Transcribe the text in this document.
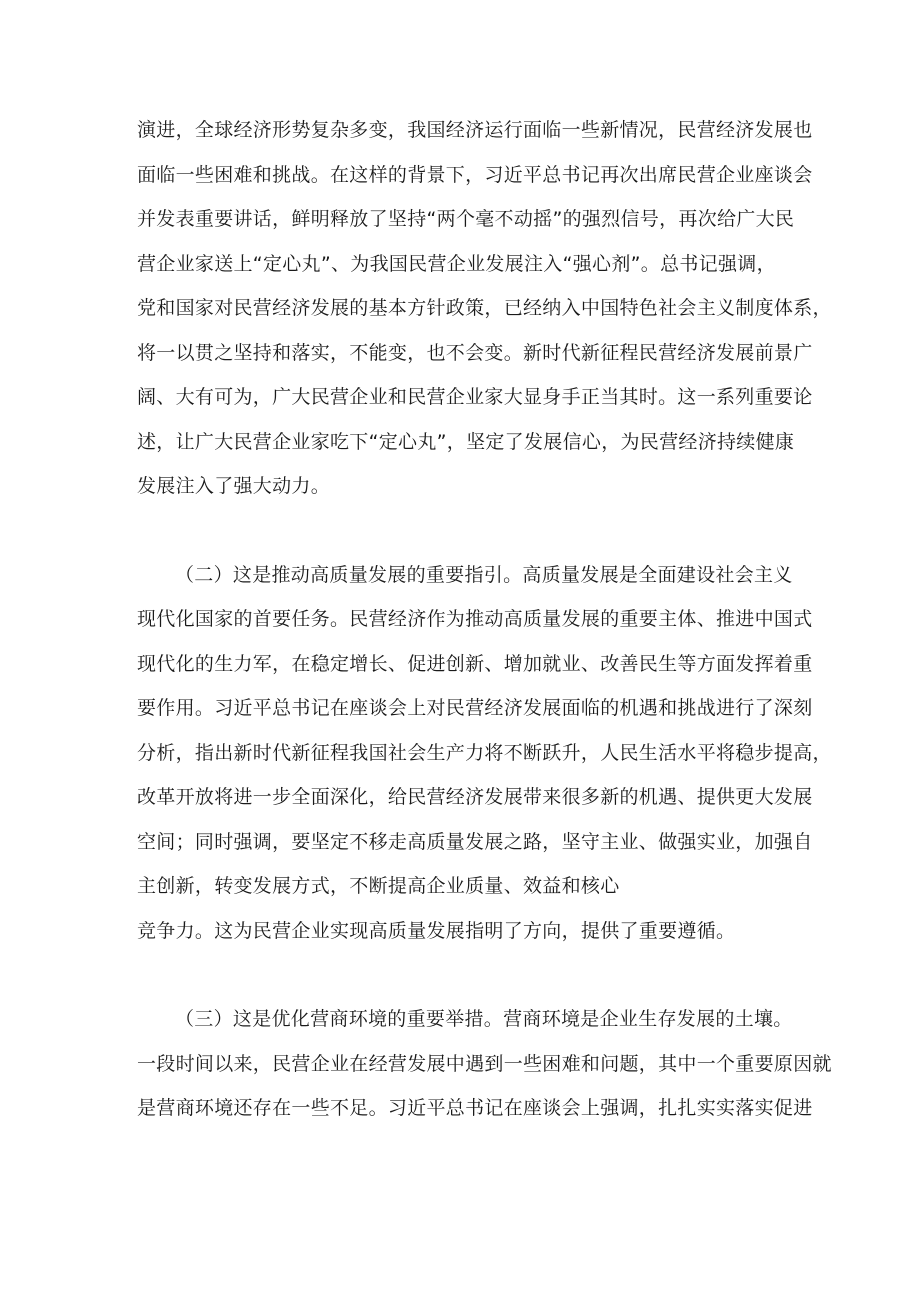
演进，全球经济形势复杂多变，我国经济运行面临一些新情况，民营经济发展也
面临一些困难和挑战。在这样的背景下，习近平总书记再次出席民营企业座谈会
并发表重要讲话，鲜明释放了坚持“两个毫不动摇”的强烈信号，再次给广大民
营企业家送上“定心丸”、为我国民营企业发展注入“强心剂”。总书记强调，
党和国家对民营经济发展的基本方针政策，已经纳入中国特色社会主义制度体系，
将一以贯之坚持和落实，不能变，也不会变。新时代新征程民营经济发展前景广
阔、大有可为，广大民营企业和民营企业家大显身手正当其时。这一系列重要论
述，让广大民营企业家吃下“定心丸”，坚定了发展信心，为民营经济持续健康
发展注入了强大动力。
（二）这是推动高质量发展的重要指引。高质量发展是全面建设社会主义
现代化国家的首要任务。民营经济作为推动高质量发展的重要主体、推进中国式
现代化的生力军，在稳定增长、促进创新、增加就业、改善民生等方面发挥着重
要作用。习近平总书记在座谈会上对民营经济发展面临的机遇和挑战进行了深刻
分析，指出新时代新征程我国社会生产力将不断跃升，人民生活水平将稳步提高，
改革开放将进一步全面深化，给民营经济发展带来很多新的机遇、提供更大发展
空间；同时强调，要坚定不移走高质量发展之路，坚守主业、做强实业，加强自
主创新，转变发展方式，不断提高企业质量、效益和核心
竞争力。这为民营企业实现高质量发展指明了方向，提供了重要遵循。
（三）这是优化营商环境的重要举措。营商环境是企业生存发展的土壤。
一段时间以来，民营企业在经营发展中遇到一些困难和问题，其中一个重要原因就
是营商环境还存在一些不足。习近平总书记在座谈会上强调，扎扎实实落实促进
